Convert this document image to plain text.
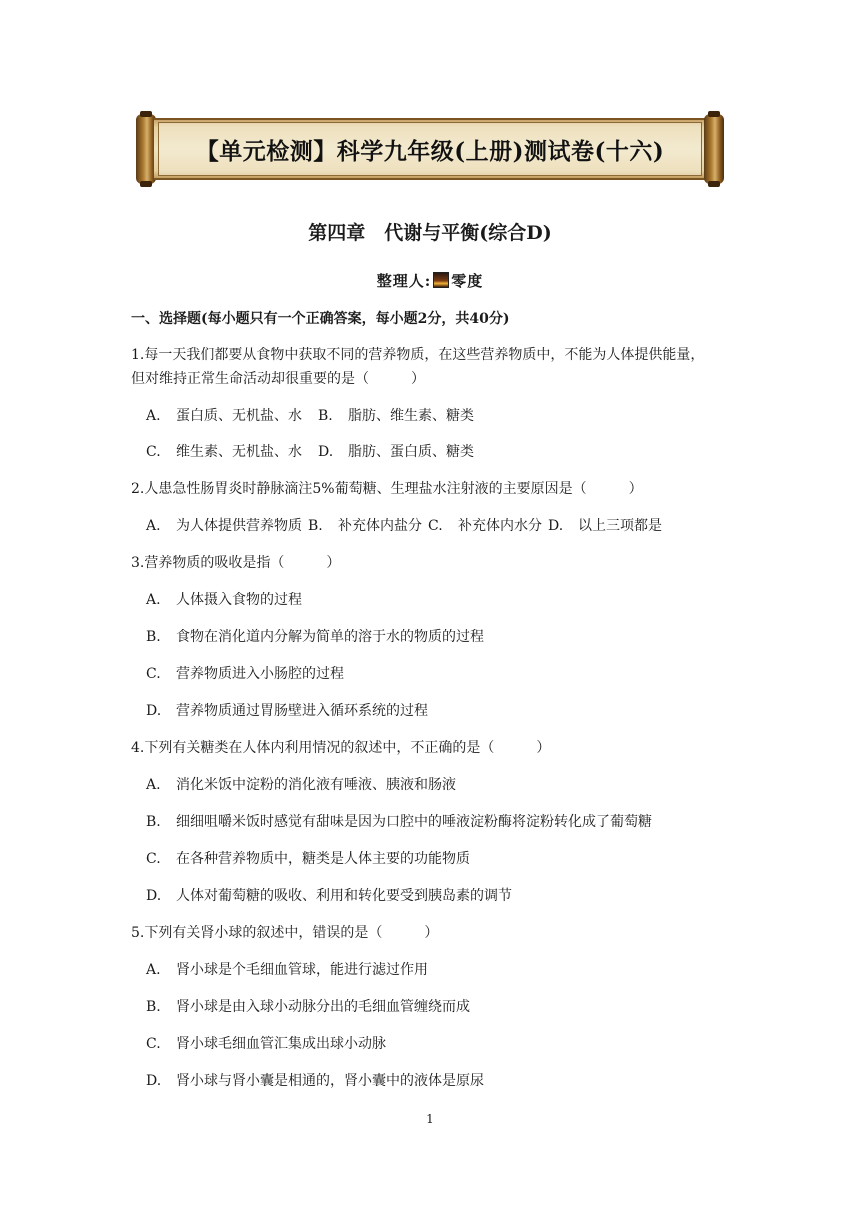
【单元检测】科学九年级(上册)测试卷(十六)
第四章　代谢与平衡(综合D)
整理人: 零度
一、选择题(每小题只有一个正确答案，每小题2分，共40分)
1.每一天我们都要从食物中获取不同的营养物质，在这些营养物质中，不能为人体提供能量，
但对维持正常生命活动却很重要的是（　　　）
A. 蛋白质、无机盐、水 B. 脂肪、维生素、糖类
C. 维生素、无机盐、水 D. 脂肪、蛋白质、糖类
2.人患急性肠胃炎时静脉滴注5%葡萄糖、生理盐水注射液的主要原因是（　　　）
A. 为人体提供营养物质 B. 补充体内盐分 C. 补充体内水分 D. 以上三项都是
3.营养物质的吸收是指（　　　）
A. 人体摄入食物的过程
B. 食物在消化道内分解为简单的溶于水的物质的过程
C. 营养物质进入小肠腔的过程
D. 营养物质通过胃肠壁进入循环系统的过程
4.下列有关糖类在人体内利用情况的叙述中，不正确的是（　　　）
A. 消化米饭中淀粉的消化液有唾液、胰液和肠液
B. 细细咀嚼米饭时感觉有甜味是因为口腔中的唾液淀粉酶将淀粉转化成了葡萄糖
C. 在各种营养物质中，糖类是人体主要的功能物质
D. 人体对葡萄糖的吸收、利用和转化要受到胰岛素的调节
5.下列有关肾小球的叙述中，错误的是（　　　）
A. 肾小球是个毛细血管球，能进行滤过作用
B. 肾小球是由入球小动脉分出的毛细血管缠绕而成
C. 肾小球毛细血管汇集成出球小动脉
D. 肾小球与肾小囊是相通的，肾小囊中的液体是原尿
1
